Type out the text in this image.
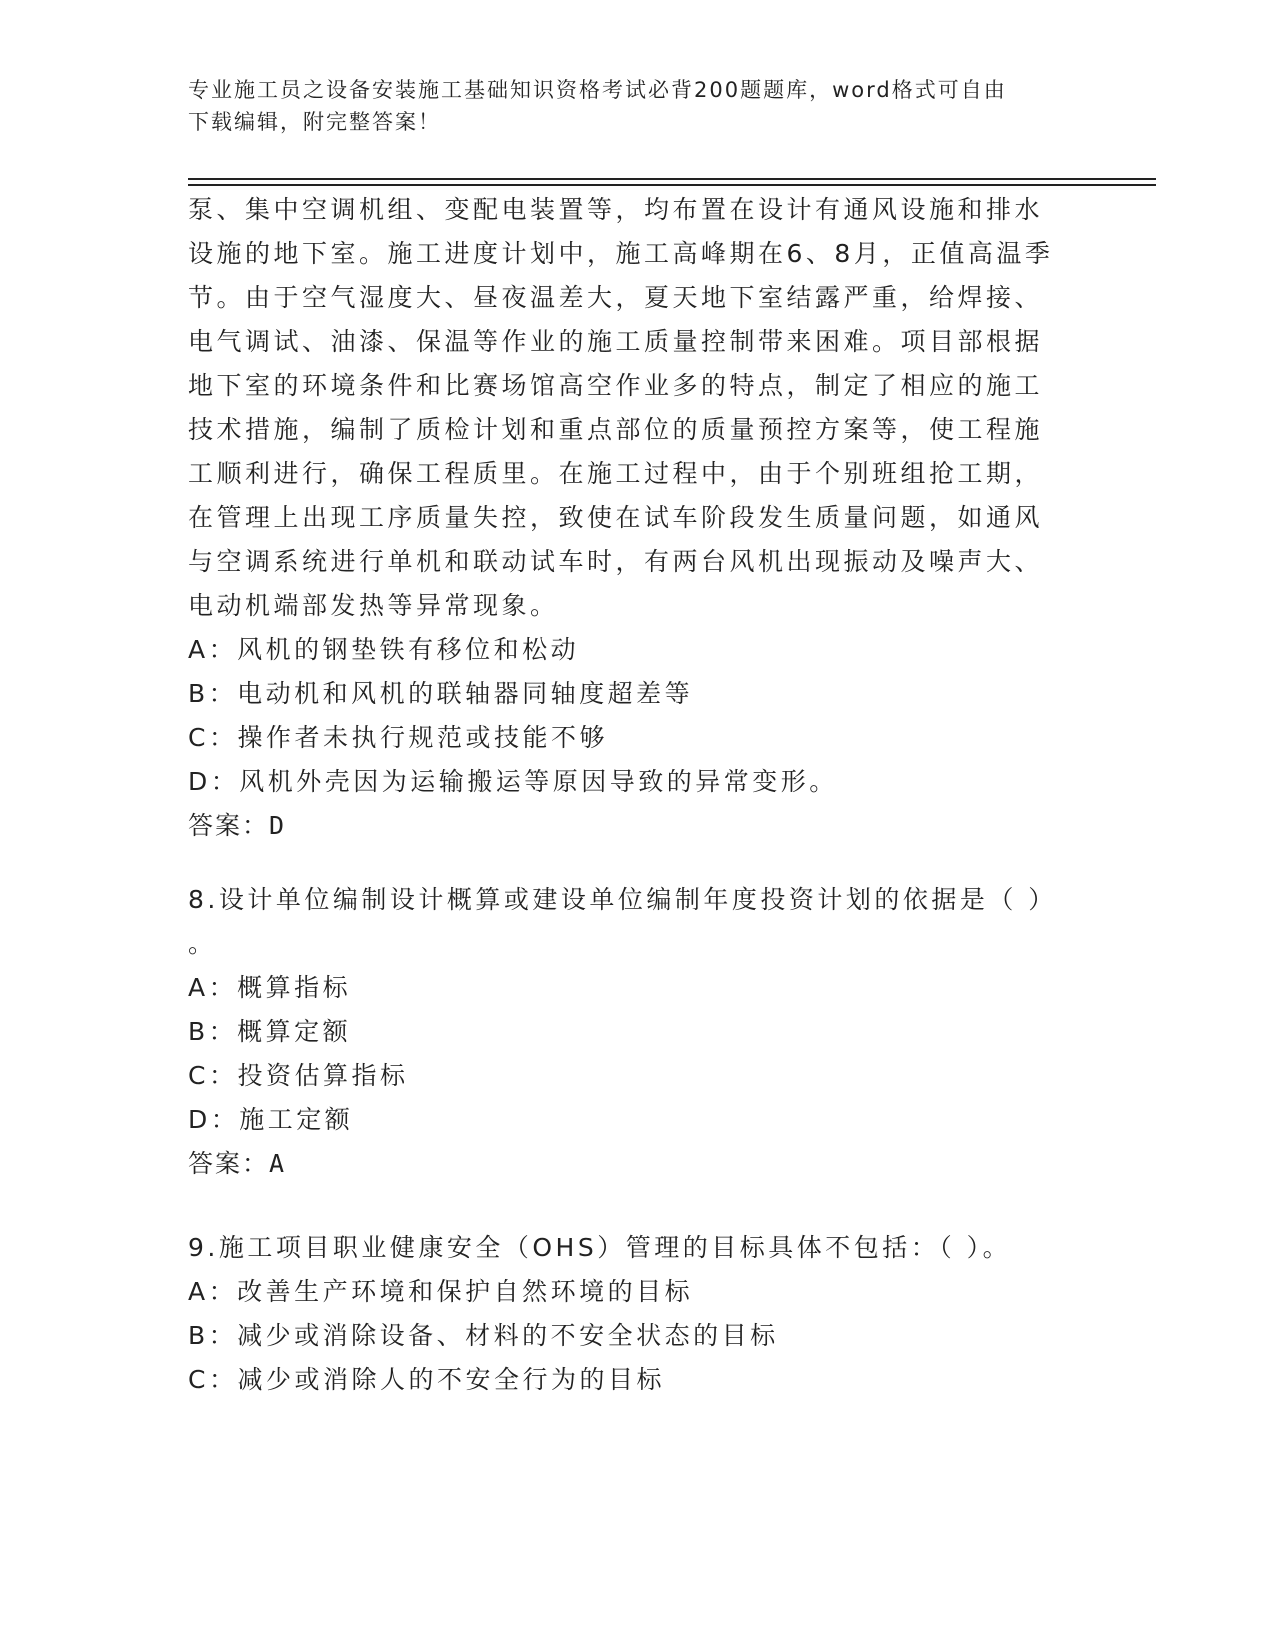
专业施工员之设备安装施工基础知识资格考试必背200题题库，word格式可自由
下载编辑，附完整答案！
泵、集中空调机组、变配电装置等，均布置在设计有通风设施和排水
设施的地下室。施工进度计划中，施工高峰期在6、8月，正值高温季
节。由于空气湿度大、昼夜温差大，夏天地下室结露严重，给焊接、
电气调试、油漆、保温等作业的施工质量控制带来困难。项目部根据
地下室的环境条件和比赛场馆高空作业多的特点，制定了相应的施工
技术措施，编制了质检计划和重点部位的质量预控方案等，使工程施
工顺利进行，确保工程质里。在施工过程中，由于个别班组抢工期，
在管理上出现工序质量失控，致使在试车阶段发生质量问题，如通风
与空调系统进行单机和联动试车时，有两台风机出现振动及噪声大、
电动机端部发热等异常现象。
A：风机的钢垫铁有移位和松动
B：电动机和风机的联轴器同轴度超差等
C：操作者未执行规范或技能不够
D：风机外壳因为运输搬运等原因导致的异常变形。
答案：D
8.设计单位编制设计概算或建设单位编制年度投资计划的依据是（ ）
。
A：概算指标
B：概算定额
C：投资估算指标
D：施工定额
答案：A
9.施工项目职业健康安全（OHS）管理的目标具体不包括：（ ）。
A：改善生产环境和保护自然环境的目标
B：减少或消除设备、材料的不安全状态的目标
C：减少或消除人的不安全行为的目标
